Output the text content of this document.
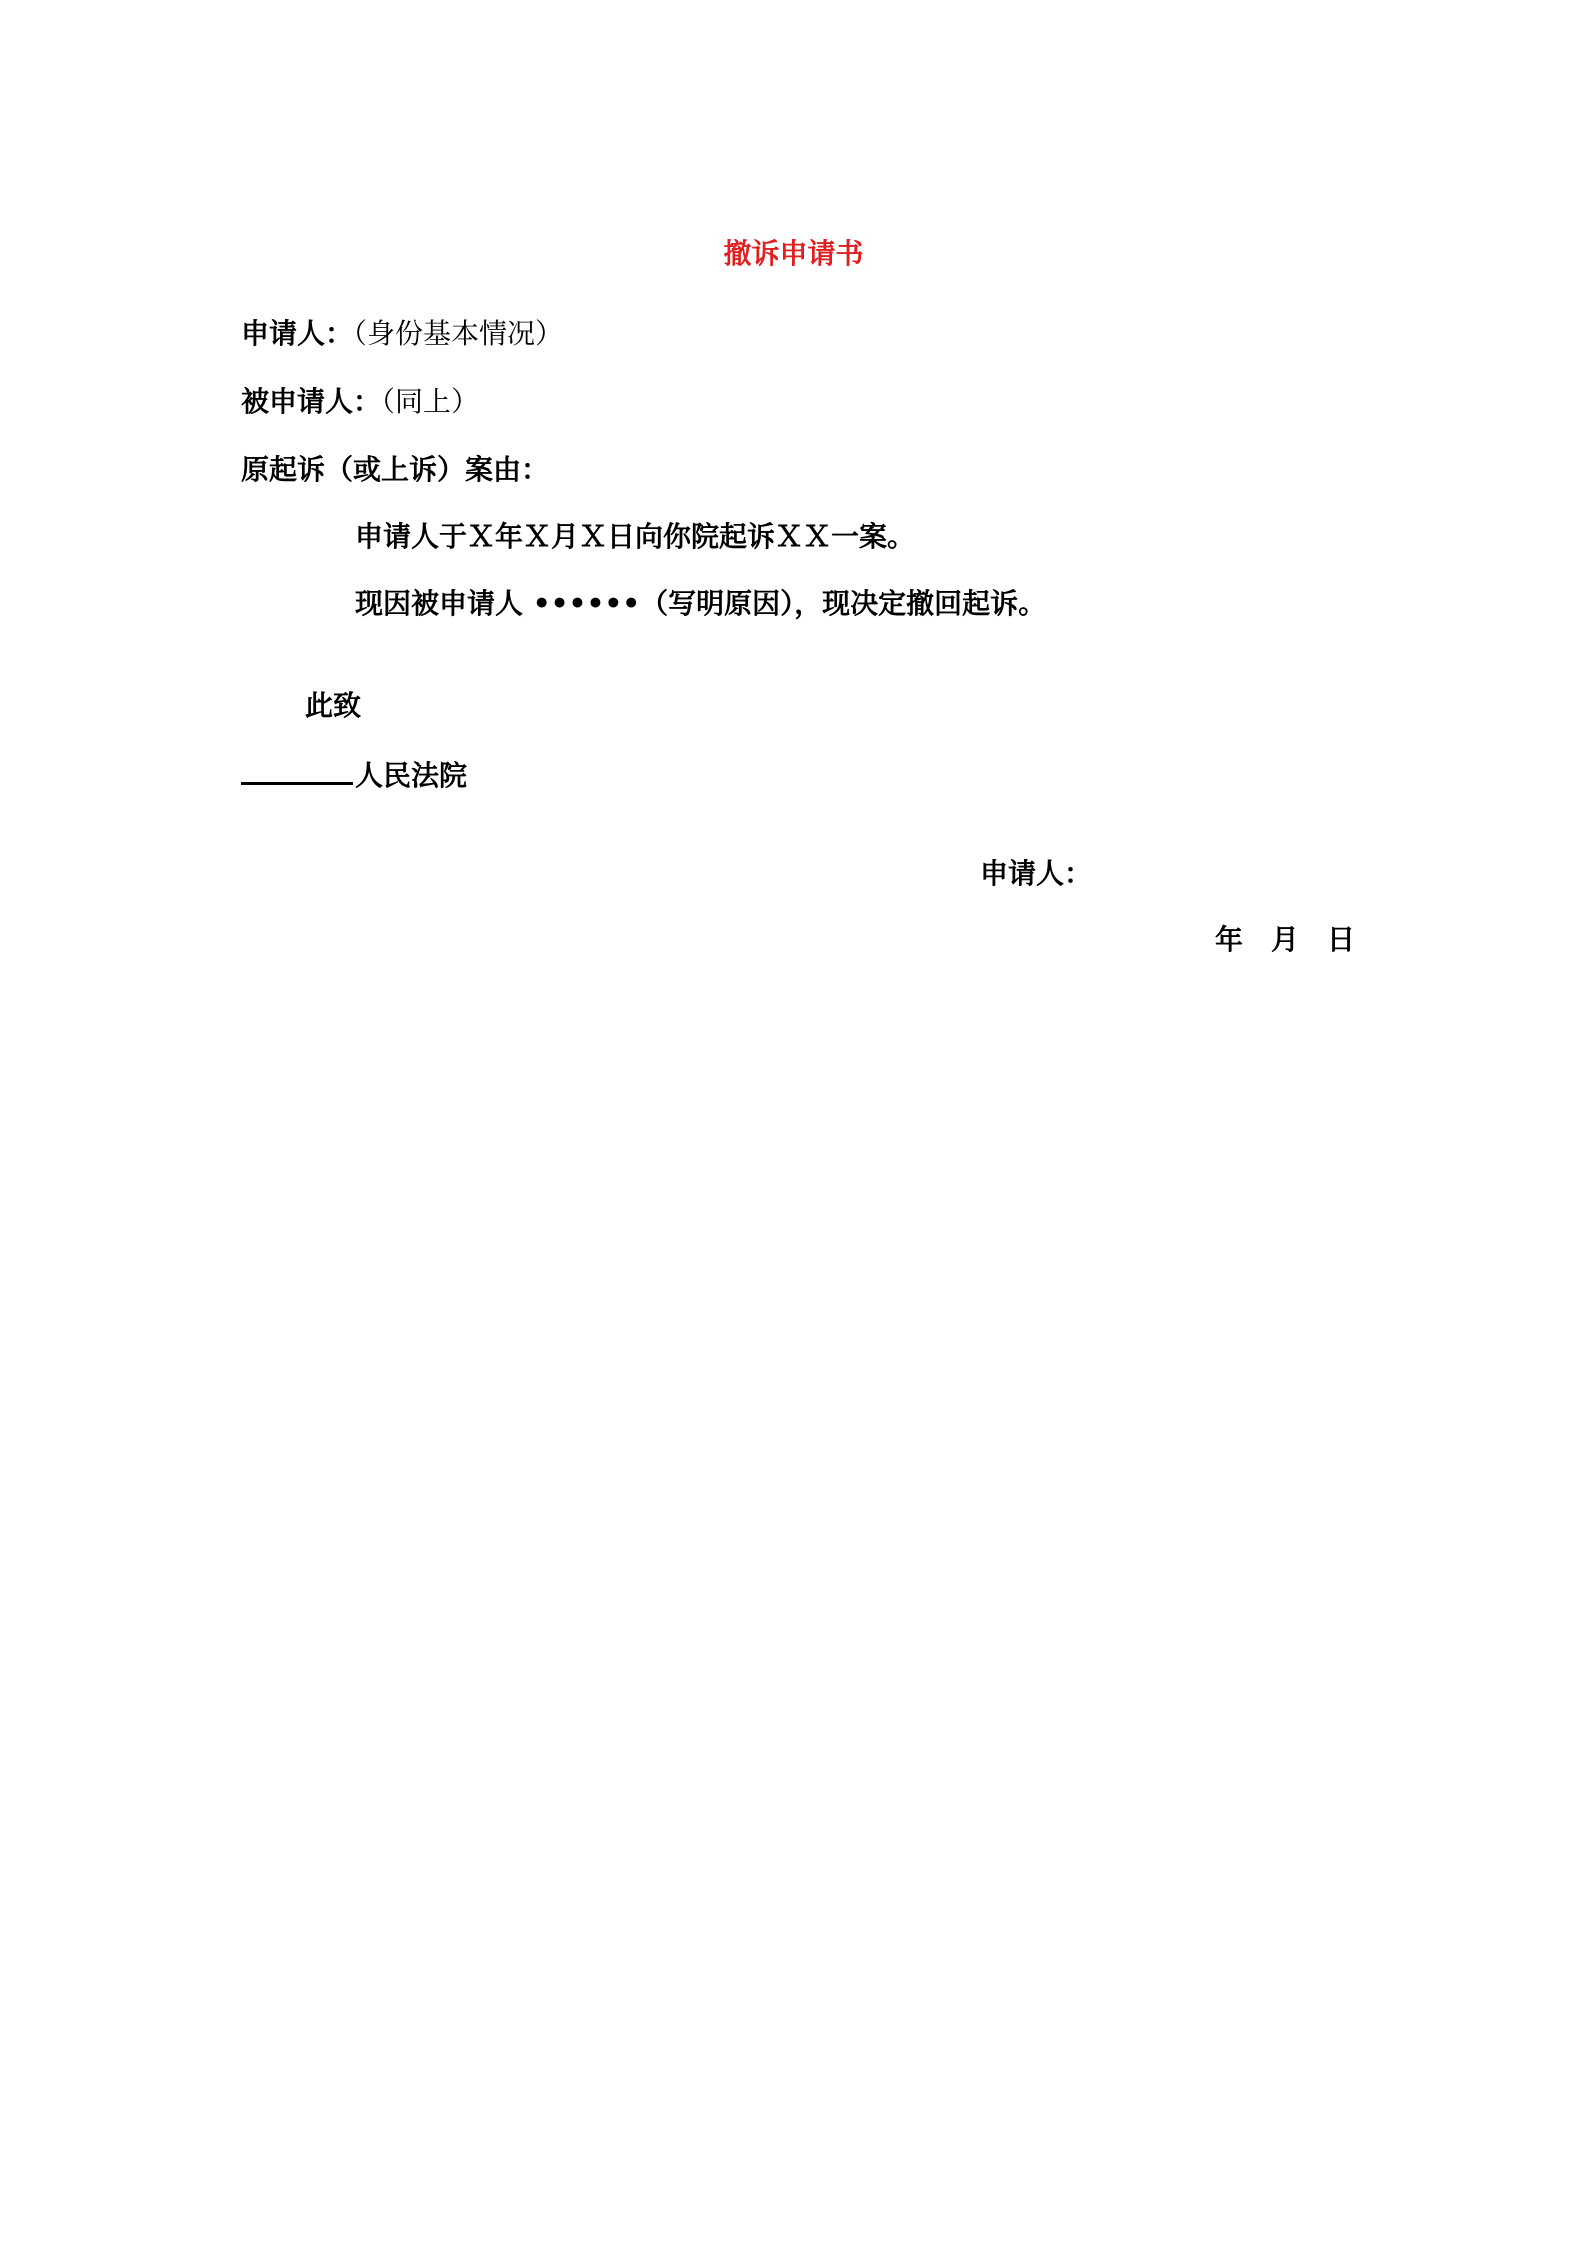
撤诉申请书
申请人：（身份基本情况）
被申请人：（同上）
原起诉（或上诉）案由：
申请人于Ｘ年Ｘ月Ｘ日向你院起诉ＸＸ一案。
现因被申请人 ••••••（写明原因），现决定撤回起诉。
此致
人民法院
申请人：
年　月　日
